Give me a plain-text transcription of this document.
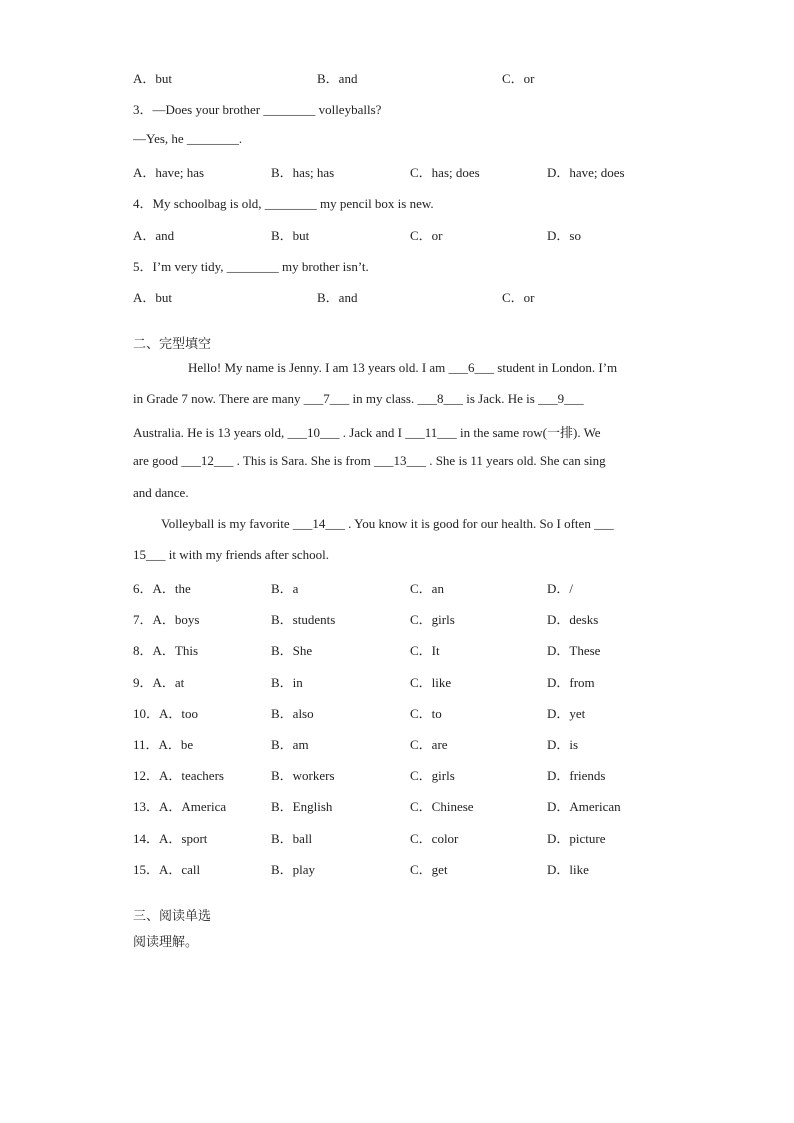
A．but	B．and	C．or
3．—Does your brother ________ volleyballs?
—Yes, he ________.
A．have; has	B．has; has	C．has; does	D．have; does
4．My schoolbag is old, ________ my pencil box is new.
A．and	B．but	C．or	D．so
5．I’m very tidy, ________ my brother isn’t.
A．but	B．and	C．or
二、完型填空
Hello! My name is Jenny. I am 13 years old. I am ___6___ student in London. I’m
in Grade 7 now. There are many ___7___ in my class. ___8___ is Jack. He is ___9___
Australia. He is 13 years old, ___10___ . Jack and I ___11___ in the same row(一排). We
are good ___12___ . This is Sara. She is from ___13___ . She is 11 years old. She can sing
and dance.
Volleyball is my favorite ___14___ . You know it is good for our health. So I often ___
15___ it with my friends after school.
6．A．the	B．a	C．an	D．/
7．A．boys	B．students	C．girls	D．desks
8．A．This	B．She	C．It	D．These
9．A．at	B．in	C．like	D．from
10．A．too	B．also	C．to	D．yet
11．A．be	B．am	C．are	D．is
12．A．teachers	B．workers	C．girls	D．friends
13．A．America	B．English	C．Chinese	D．American
14．A．sport	B．ball	C．color	D．picture
15．A．call	B．play	C．get	D．like
三、阅读单选
阅读理解。
